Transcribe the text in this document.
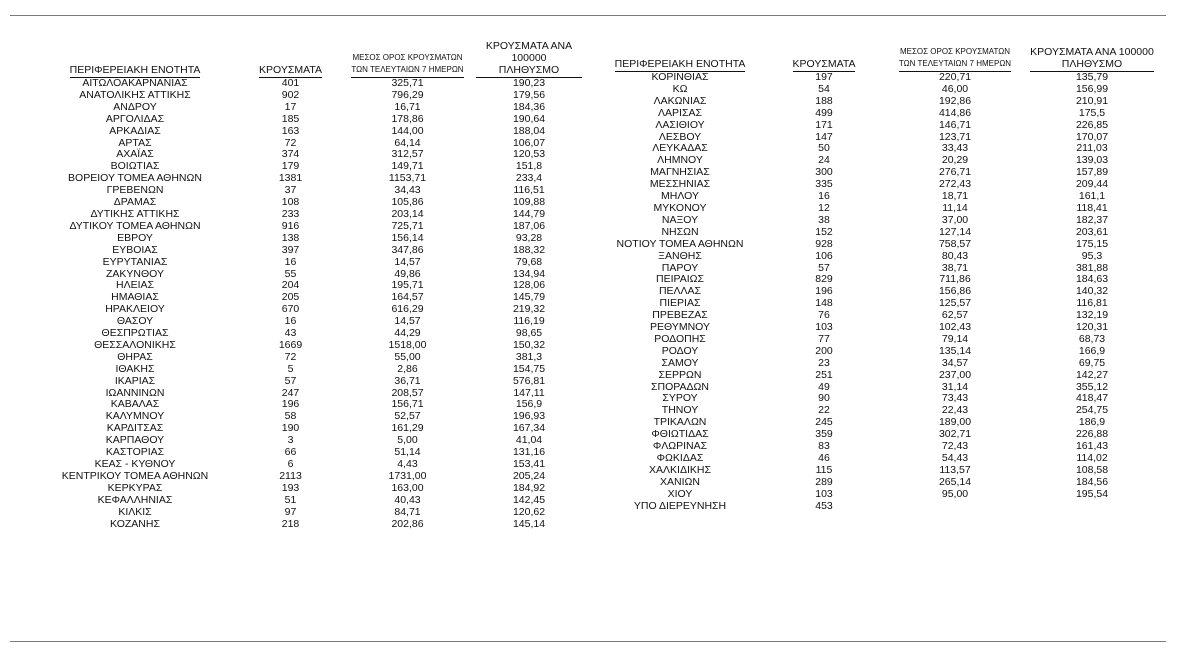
ΠΕΡΙΦΕΡΕΙΑΚΗ ΕΝΟΤΗΤΑ	ΚΡΟΥΣΜΑΤΑ	ΜΕΣΟΣ ΟΡΟΣ ΚΡΟΥΣΜΑΤΩΝ
ΤΩΝ ΤΕΛΕΥΤΑΙΩΝ 7 ΗΜΕΡΩΝ	ΚΡΟΥΣΜΑΤΑ ΑΝΑ 100000
ΠΛΗΘΥΣΜΟ
ΑΙΤΩΛΟΑΚΑΡΝΑΝΙΑΣ	401	325,71	190,23
ΑΝΑΤΟΛΙΚΗΣ ΑΤΤΙΚΗΣ	902	796,29	179,56
ΑΝΔΡΟΥ	17	16,71	184,36
ΑΡΓΟΛΙΔΑΣ	185	178,86	190,64
ΑΡΚΑΔΙΑΣ	163	144,00	188,04
ΑΡΤΑΣ	72	64,14	106,07
ΑΧΑΪΑΣ	374	312,57	120,53
ΒΟΙΩΤΙΑΣ	179	149,71	151,8
ΒΟΡΕΙΟΥ ΤΟΜΕΑ ΑΘΗΝΩΝ	1381	1153,71	233,4
ΓΡΕΒΕΝΩΝ	37	34,43	116,51
ΔΡΑΜΑΣ	108	105,86	109,88
ΔΥΤΙΚΗΣ ΑΤΤΙΚΗΣ	233	203,14	144,79
ΔΥΤΙΚΟΥ ΤΟΜΕΑ ΑΘΗΝΩΝ	916	725,71	187,06
ΕΒΡΟΥ	138	156,14	93,28
ΕΥΒΟΙΑΣ	397	347,86	188,32
ΕΥΡΥΤΑΝΙΑΣ	16	14,57	79,68
ΖΑΚΥΝΘΟΥ	55	49,86	134,94
ΗΛΕΙΑΣ	204	195,71	128,06
ΗΜΑΘΙΑΣ	205	164,57	145,79
ΗΡΑΚΛΕΙΟΥ	670	616,29	219,32
ΘΑΣΟΥ	16	14,57	116,19
ΘΕΣΠΡΩΤΙΑΣ	43	44,29	98,65
ΘΕΣΣΑΛΟΝΙΚΗΣ	1669	1518,00	150,32
ΘΗΡΑΣ	72	55,00	381,3
ΙΘΑΚΗΣ	5	2,86	154,75
ΙΚΑΡΙΑΣ	57	36,71	576,81
ΙΩΑΝΝΙΝΩΝ	247	208,57	147,11
ΚΑΒΑΛΑΣ	196	156,71	156,9
ΚΑΛΥΜΝΟΥ	58	52,57	196,93
ΚΑΡΔΙΤΣΑΣ	190	161,29	167,34
ΚΑΡΠΑΘΟΥ	3	5,00	41,04
ΚΑΣΤΟΡΙΑΣ	66	51,14	131,16
ΚΕΑΣ - ΚΥΘΝΟΥ	6	4,43	153,41
ΚΕΝΤΡΙΚΟΥ ΤΟΜΕΑ ΑΘΗΝΩΝ	2113	1731,00	205,24
ΚΕΡΚΥΡΑΣ	193	163,00	184,92
ΚΕΦΑΛΛΗΝΙΑΣ	51	40,43	142,45
ΚΙΛΚΙΣ	97	84,71	120,62
ΚΟΖΑΝΗΣ	218	202,86	145,14
ΠΕΡΙΦΕΡΕΙΑΚΗ ΕΝΟΤΗΤΑ	ΚΡΟΥΣΜΑΤΑ	ΜΕΣΟΣ ΟΡΟΣ ΚΡΟΥΣΜΑΤΩΝ
ΤΩΝ ΤΕΛΕΥΤΑΙΩΝ 7 ΗΜΕΡΩΝ	ΚΡΟΥΣΜΑΤΑ ΑΝΑ 100000
ΠΛΗΘΥΣΜΟ
ΚΟΡΙΝΘΙΑΣ	197	220,71	135,79
ΚΩ	54	46,00	156,99
ΛΑΚΩΝΙΑΣ	188	192,86	210,91
ΛΑΡΙΣΑΣ	499	414,86	175,5
ΛΑΣΙΘΙΟΥ	171	146,71	226,85
ΛΕΣΒΟΥ	147	123,71	170,07
ΛΕΥΚΑΔΑΣ	50	33,43	211,03
ΛΗΜΝΟΥ	24	20,29	139,03
ΜΑΓΝΗΣΙΑΣ	300	276,71	157,89
ΜΕΣΣΗΝΙΑΣ	335	272,43	209,44
ΜΗΛΟΥ	16	18,71	161,1
ΜΥΚΟΝΟΥ	12	11,14	118,41
ΝΑΞΟΥ	38	37,00	182,37
ΝΗΣΩΝ	152	127,14	203,61
ΝΟΤΙΟΥ ΤΟΜΕΑ ΑΘΗΝΩΝ	928	758,57	175,15
ΞΑΝΘΗΣ	106	80,43	95,3
ΠΑΡΟΥ	57	38,71	381,88
ΠΕΙΡΑΙΩΣ	829	711,86	184,63
ΠΕΛΛΑΣ	196	156,86	140,32
ΠΙΕΡΙΑΣ	148	125,57	116,81
ΠΡΕΒΕΖΑΣ	76	62,57	132,19
ΡΕΘΥΜΝΟΥ	103	102,43	120,31
ΡΟΔΟΠΗΣ	77	79,14	68,73
ΡΟΔΟΥ	200	135,14	166,9
ΣΑΜΟΥ	23	34,57	69,75
ΣΕΡΡΩΝ	251	237,00	142,27
ΣΠΟΡΑΔΩΝ	49	31,14	355,12
ΣΥΡΟΥ	90	73,43	418,47
ΤΗΝΟΥ	22	22,43	254,75
ΤΡΙΚΑΛΩΝ	245	189,00	186,9
ΦΘΙΩΤΙΔΑΣ	359	302,71	226,88
ΦΛΩΡΙΝΑΣ	83	72,43	161,43
ΦΩΚΙΔΑΣ	46	54,43	114,02
ΧΑΛΚΙΔΙΚΗΣ	115	113,57	108,58
ΧΑΝΙΩΝ	289	265,14	184,56
ΧΙΟΥ	103	95,00	195,54
ΥΠΟ ΔΙΕΡΕΥΝΗΣΗ	453		
